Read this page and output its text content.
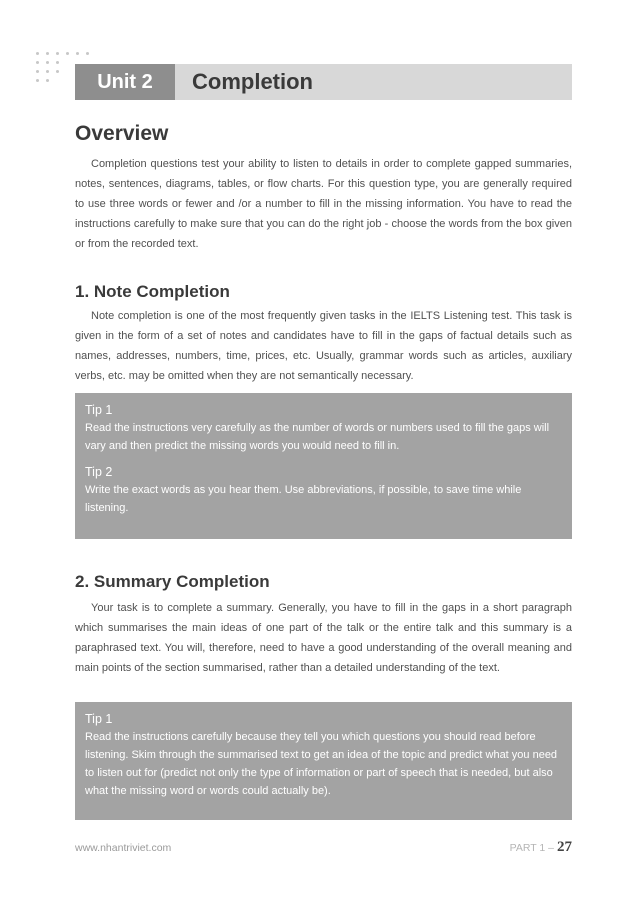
Unit 2	Completion
Overview

Completion questions test your ability to listen to details in order to complete gapped summaries, notes, sentences, diagrams, tables, or flow charts. For this question type, you are generally required to use three words or fewer and /or a number to fill in the missing information. You have to read the instructions carefully to make sure that you can do the right job - choose the words from the box given or from the recorded text.

1. Note Completion

Note completion is one of the most frequently given tasks in the IELTS Listening test. This task is given in the form of a set of notes and candidates have to fill in the gaps of factual details such as names, addresses, numbers, time, prices, etc. Usually, grammar words such as articles, auxiliary verbs, etc. may be omitted when they are not semantically necessary.

Tip 1

Read the instructions very carefully as the number of words or numbers used to fill the gaps will vary and then predict the missing words you would need to fill in.

Tip 2

Write the exact words as you hear them. Use abbreviations, if possible, to save time while listening.

2. Summary Completion

Your task is to complete a summary. Generally, you have to fill in the gaps in a short paragraph which summarises the main ideas of one part of the talk or the entire talk and this summary is a paraphrased text. You will, therefore, need to have a good understanding of the overall meaning and main points of the section summarised, rather than a detailed understanding of the text.

Tip 1

Read the instructions carefully because they tell you which questions you should read before listening. Skim through the summarised text to get an idea of the topic and predict what you need to listen out for (predict not only the type of information or part of speech that is needed, but also what the missing word or words could actually be).

www.nhantriviet.com	PART 1 – 27
